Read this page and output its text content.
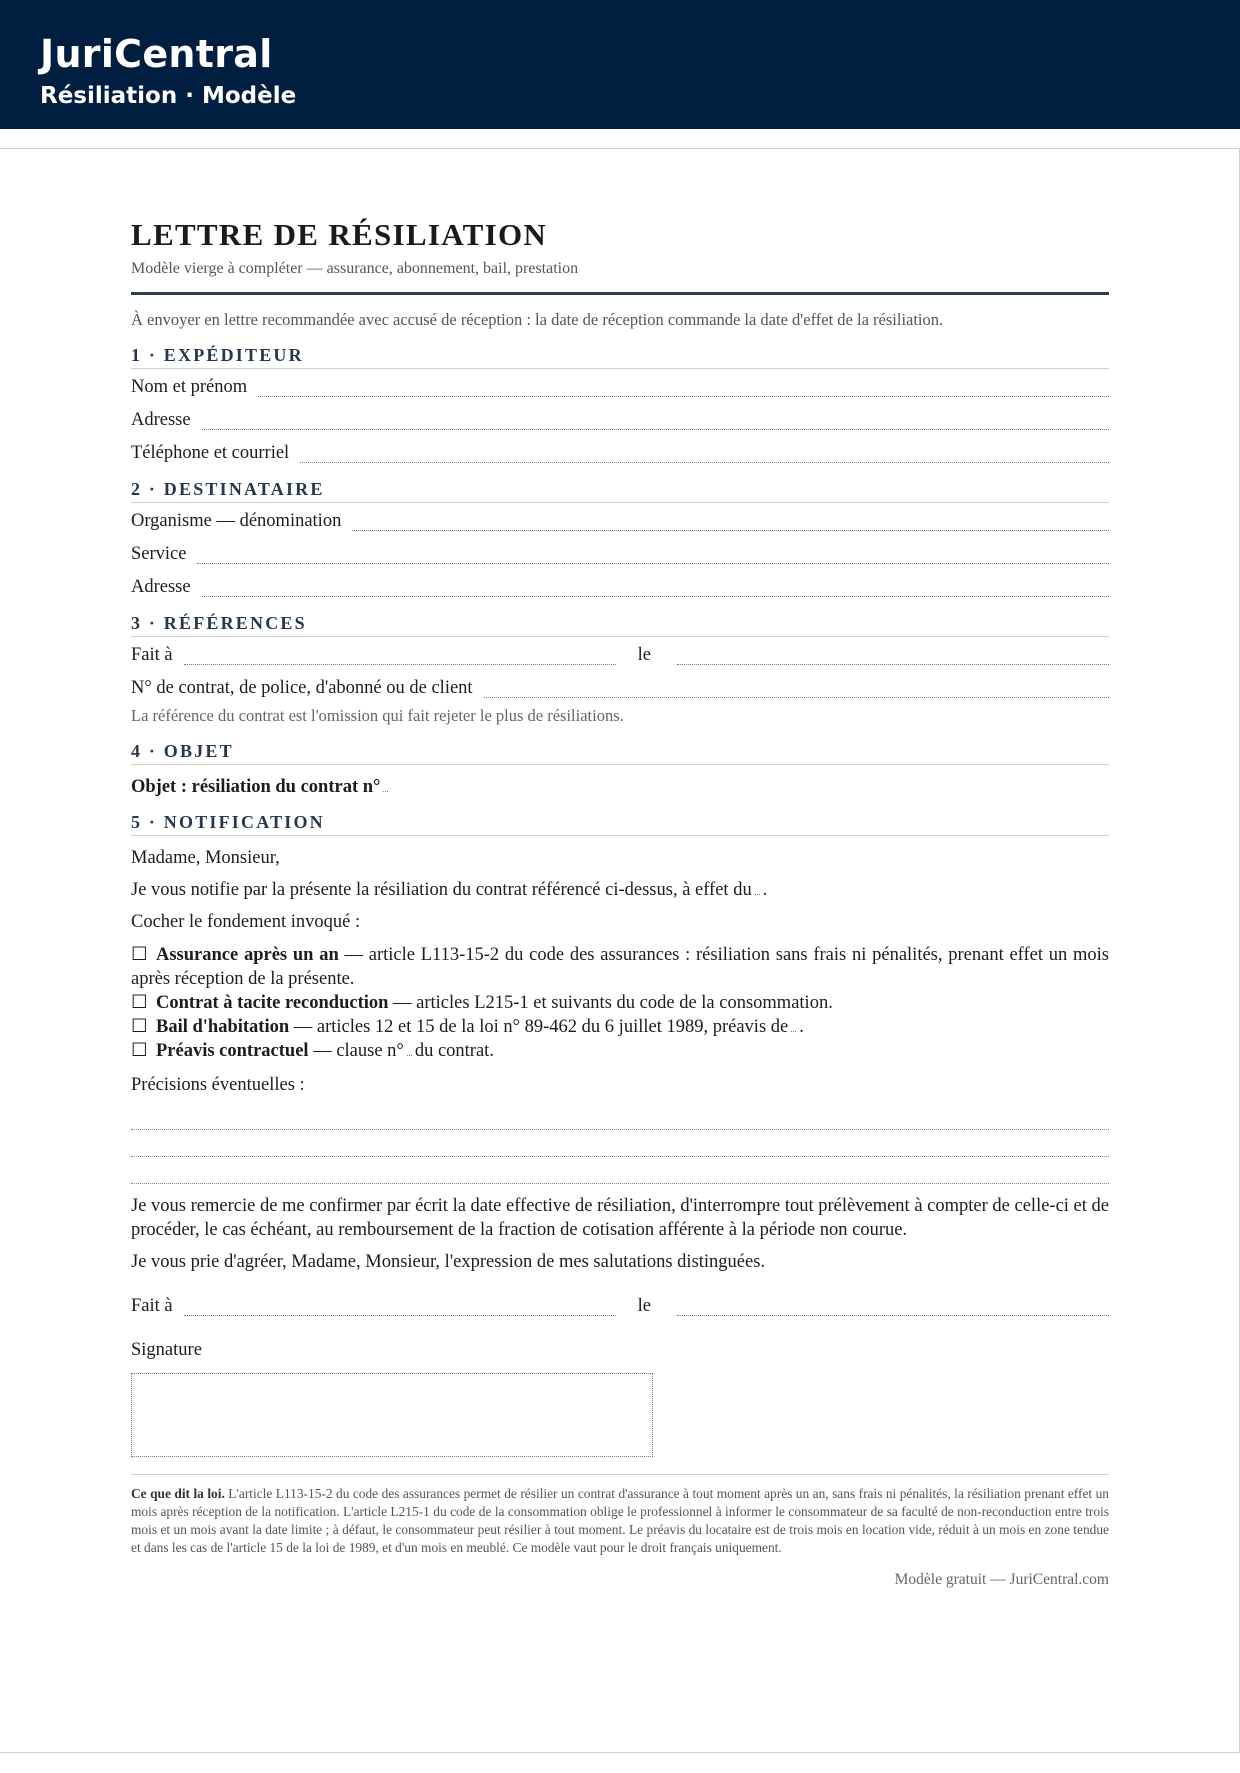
JuriCentral
Résiliation · Modèle
LETTRE DE RÉSILIATION
Modèle vierge à compléter — assurance, abonnement, bail, prestation
À envoyer en lettre recommandée avec accusé de réception : la date de réception commande la date d'effet de la résiliation.
1 · EXPÉDITEUR
Nom et prénom
Adresse
Téléphone et courriel
2 · DESTINATAIRE
Organisme — dénomination
Service
Adresse
3 · RÉFÉRENCES
Fait à	le
N° de contrat, de police, d'abonné ou de client
La référence du contrat est l'omission qui fait rejeter le plus de résiliations.
4 · OBJET
Objet : résiliation du contrat n°
5 · NOTIFICATION
Madame, Monsieur,
Je vous notifie par la présente la résiliation du contrat référencé ci-dessus, à effet du .
Cocher le fondement invoqué :
☐ Assurance après un an — article L113-15-2 du code des assurances : résiliation sans frais ni pénalités, prenant effet un mois après réception de la présente.
☐ Contrat à tacite reconduction — articles L215-1 et suivants du code de la consommation.
☐ Bail d'habitation — articles 12 et 15 de la loi n° 89-462 du 6 juillet 1989, préavis de .
☐ Préavis contractuel — clause n° du contrat.
Précisions éventuelles :
Je vous remercie de me confirmer par écrit la date effective de résiliation, d'interrompre tout prélèvement à compter de celle-ci et de procéder, le cas échéant, au remboursement de la fraction de cotisation afférente à la période non courue.
Je vous prie d'agréer, Madame, Monsieur, l'expression de mes salutations distinguées.
Fait à	le
Signature
Ce que dit la loi. L'article L113-15-2 du code des assurances permet de résilier un contrat d'assurance à tout moment après un an, sans frais ni pénalités, la résiliation prenant effet un mois après réception de la notification. L'article L215-1 du code de la consommation oblige le professionnel à informer le consommateur de sa faculté de non-reconduction entre trois mois et un mois avant la date limite ; à défaut, le consommateur peut résilier à tout moment. Le préavis du locataire est de trois mois en location vide, réduit à un mois en zone tendue et dans les cas de l'article 15 de la loi de 1989, et d'un mois en meublé. Ce modèle vaut pour le droit français uniquement.
Modèle gratuit — JuriCentral.com
